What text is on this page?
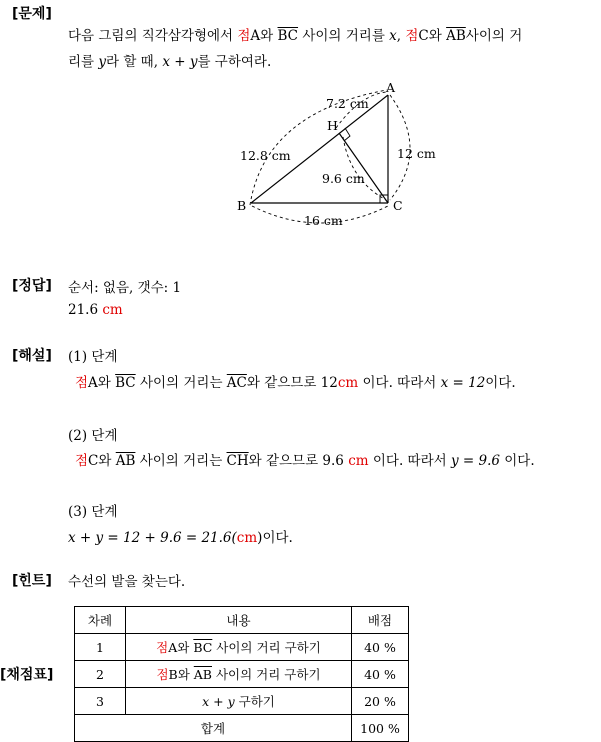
[문제]
다음 그림의 직각삼각형에서 점A와 $\overline{BC}$ 사이의 거리를 x, 점C와 $\overline{AB}$사이의 거
리를 y라 할 때, x + y를 구하여라.
A
B	C
H
7.2 cm
12.8 cm	12 cm
9.6 cm
16 cm
[정답] 순서: 없음, 갯수: 1
21.6 cm
[해설] (1) 단계
점A와 $\overline{BC}$ 사이의 거리는 $\overline{AC}$와 같으므로 12cm 이다. 따라서 x = 12이다.
(2) 단계
점C와 $\overline{AB}$ 사이의 거리는 $\overline{CH}$와 같으므로 9.6 cm 이다. 따라서 y = 9.6 이다.
(3) 단계
x + y = 12 + 9.6 = 21.6(cm)이다.
[힌트] 수선의 발을 찾는다.
[채점표]
차례	내용	배점
1	점A와 $\overline{BC}$ 사이의 거리 구하기	40 %
2	점B와 $\overline{AB}$ 사이의 거리 구하기	40 %
3	x + y 구하기	20 %
합계		100 %
